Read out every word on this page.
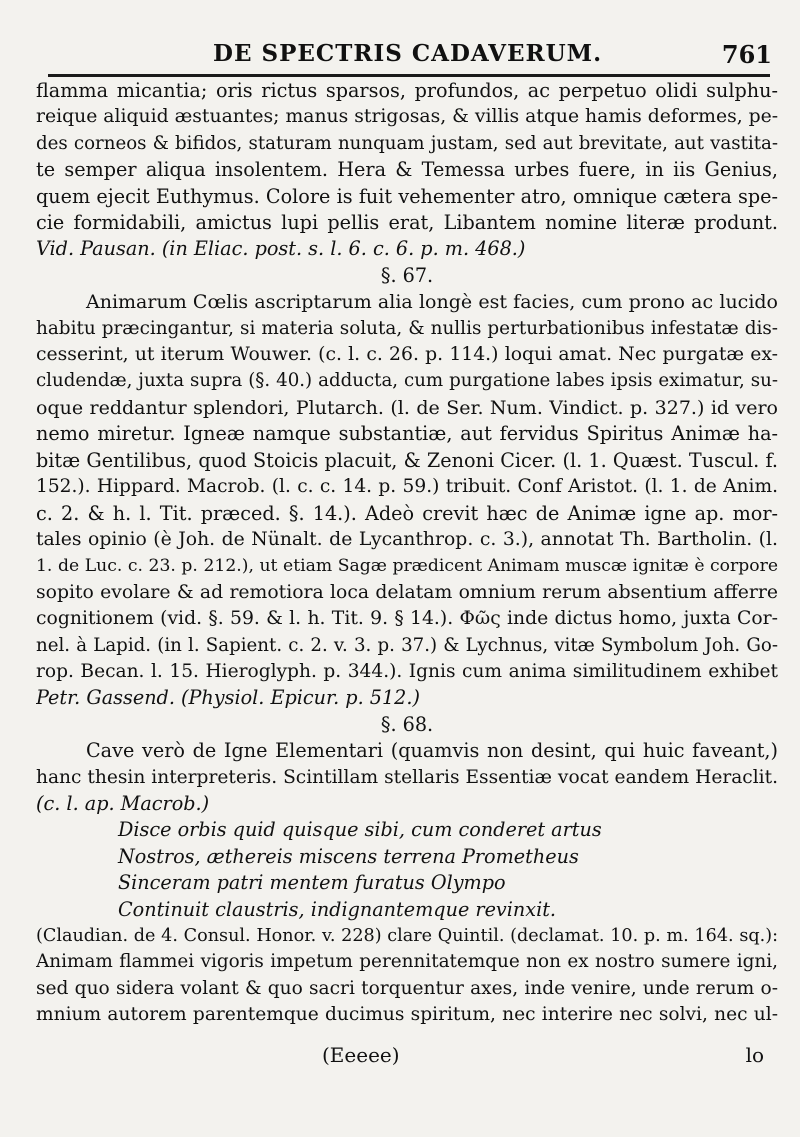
DE SPECTRIS CADAVERUM.	761
flamma micantia; oris rictus sparsos, profundos, ac perpetuo olidi sulphu-
reique aliquid æstuantes; manus strigosas, & villis atque hamis deformes, pe-
des corneos & bifidos, staturam nunquam justam, sed aut brevitate, aut vastita-
te semper aliqua insolentem. Hera & Temessa urbes fuere, in iis Genius,
quem ejecit Euthymus. Colore is fuit vehementer atro, omnique cætera spe-
cie formidabili, amictus lupi pellis erat, Libantem nomine literæ produnt.
Vid. Pausan. (in Eliac. post. s. l. 6. c. 6. p. m. 468.)
§. 67.
Animarum Cœlis ascriptarum alia longè est facies, cum prono ac lucido
habitu præcingantur, si materia soluta, & nullis perturbationibus infestatæ dis-
cesserint, ut iterum Wouwer. (c. l. c. 26. p. 114.) loqui amat. Nec purgatæ ex-
cludendæ, juxta supra (§. 40.) adducta, cum purgatione labes ipsis eximatur, su-
oque reddantur splendori, Plutarch. (l. de Ser. Num. Vindict. p. 327.) id vero
nemo miretur. Igneæ namque substantiæ, aut fervidus Spiritus Animæ ha-
bitæ Gentilibus, quod Stoicis placuit, & Zenoni Cicer. (l. 1. Quæst. Tuscul. f.
152.). Hippard. Macrob. (l. c. c. 14. p. 59.) tribuit. Conf Aristot. (l. 1. de Anim.
c. 2. & h. l. Tit. præced. §. 14.). Adeò crevit hæc de Animæ igne ap. mor-
tales opinio (è Joh. de Nünalt. de Lycanthrop. c. 3.), annotat Th. Bartholin. (l.
1. de Luc. c. 23. p. 212.), ut etiam Sagæ prædicent Animam muscæ ignitæ è corpore
sopito evolare & ad remotiora loca delatam omnium rerum absentium afferre
cognitionem (vid. §. 59. & l. h. Tit. 9. § 14.). Φῶς inde dictus homo, juxta Cor-
nel. à Lapid. (in l. Sapient. c. 2. v. 3. p. 37.) & Lychnus, vitæ Symbolum Joh. Go-
rop. Becan. l. 15. Hieroglyph. p. 344.). Ignis cum anima similitudinem exhibet
Petr. Gassend. (Physiol. Epicur. p. 512.)
§. 68.
Cave verò de Igne Elementari (quamvis non desint, qui huic faveant,)
hanc thesin interpreteris. Scintillam stellaris Essentiæ vocat eandem Heraclit.
(c. l. ap. Macrob.)
Disce orbis quid quisque sibi, cum conderet artus
Nostros, æthereis miscens terrena Prometheus
Sinceram patri mentem furatus Olympo
Continuit claustris, indignantemque revinxit.
(Claudian. de 4. Consul. Honor. v. 228) clare Quintil. (declamat. 10. p. m. 164. sq.):
Animam flammei vigoris impetum perennitatemque non ex nostro sumere igni,
sed quo sidera volant & quo sacri torquentur axes, inde venire, unde rerum o-
mnium autorem parentemque ducimus spiritum, nec interire nec solvi, nec ul-
(Eeeee)	lo
